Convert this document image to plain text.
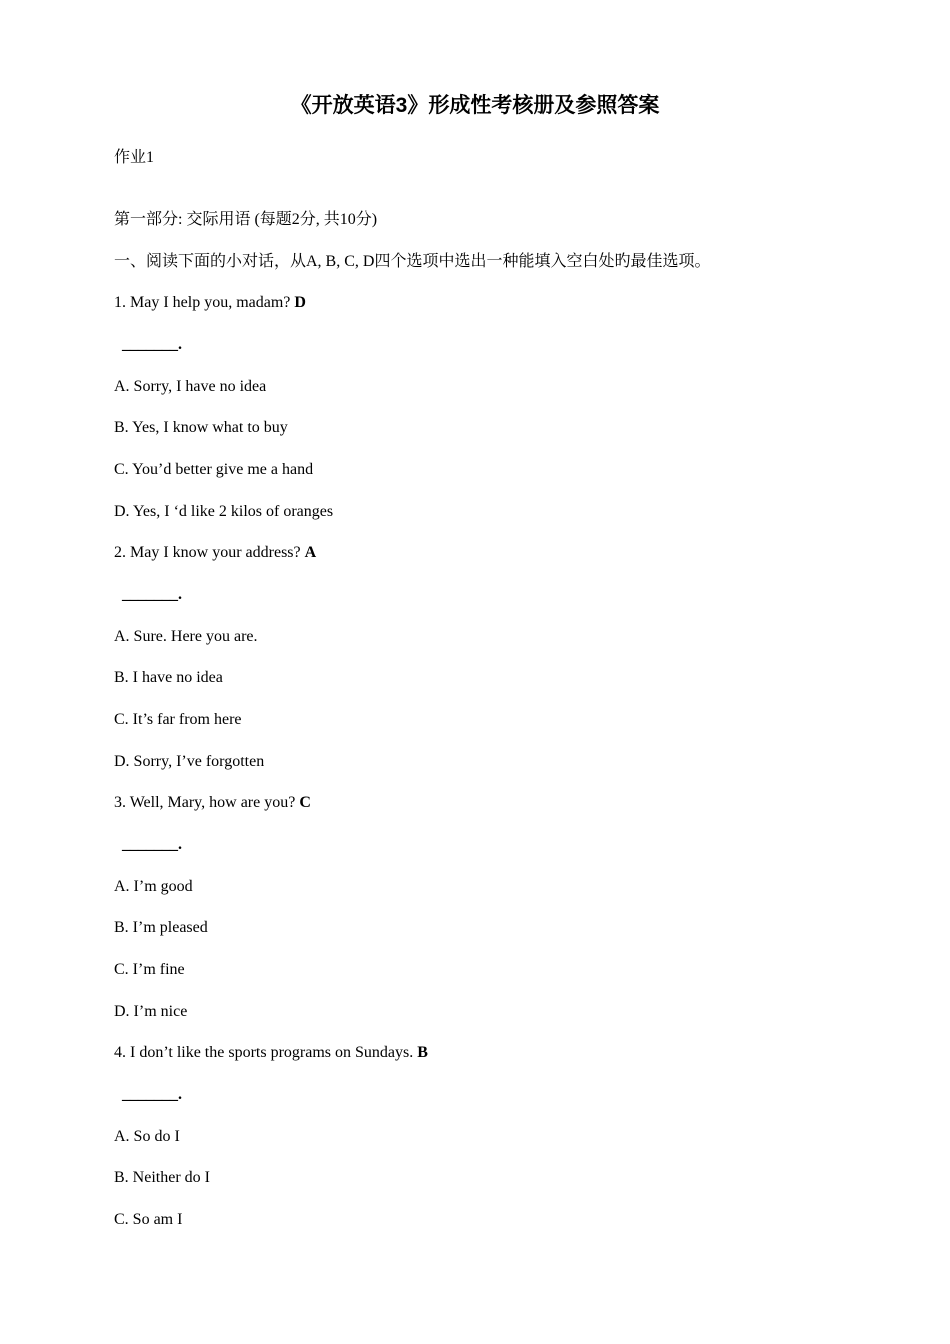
《开放英语3》形成性考核册及参照答案

作业1

第一部分: 交际用语 (每题2分, 共10分)

一、阅读下面的小对话，从A, B, C, D四个选项中选出一种能填入空白处旳最佳选项。

1. May I help you, madam? D

_______.

A. Sorry, I have no idea

B. Yes, I know what to buy

C. You’d better give me a hand

D. Yes, I ‘d like 2 kilos of oranges

2. May I know your address? A

_______.

A. Sure. Here you are.

B. I have no idea

C. It’s far from here

D. Sorry, I’ve forgotten

3. Well, Mary, how are you? C

_______.

A. I’m good

B. I’m pleased

C. I’m fine

D. I’m nice

4. I don’t like the sports programs on Sundays. B

_______.

A. So do I

B. Neither do I

C. So am I
